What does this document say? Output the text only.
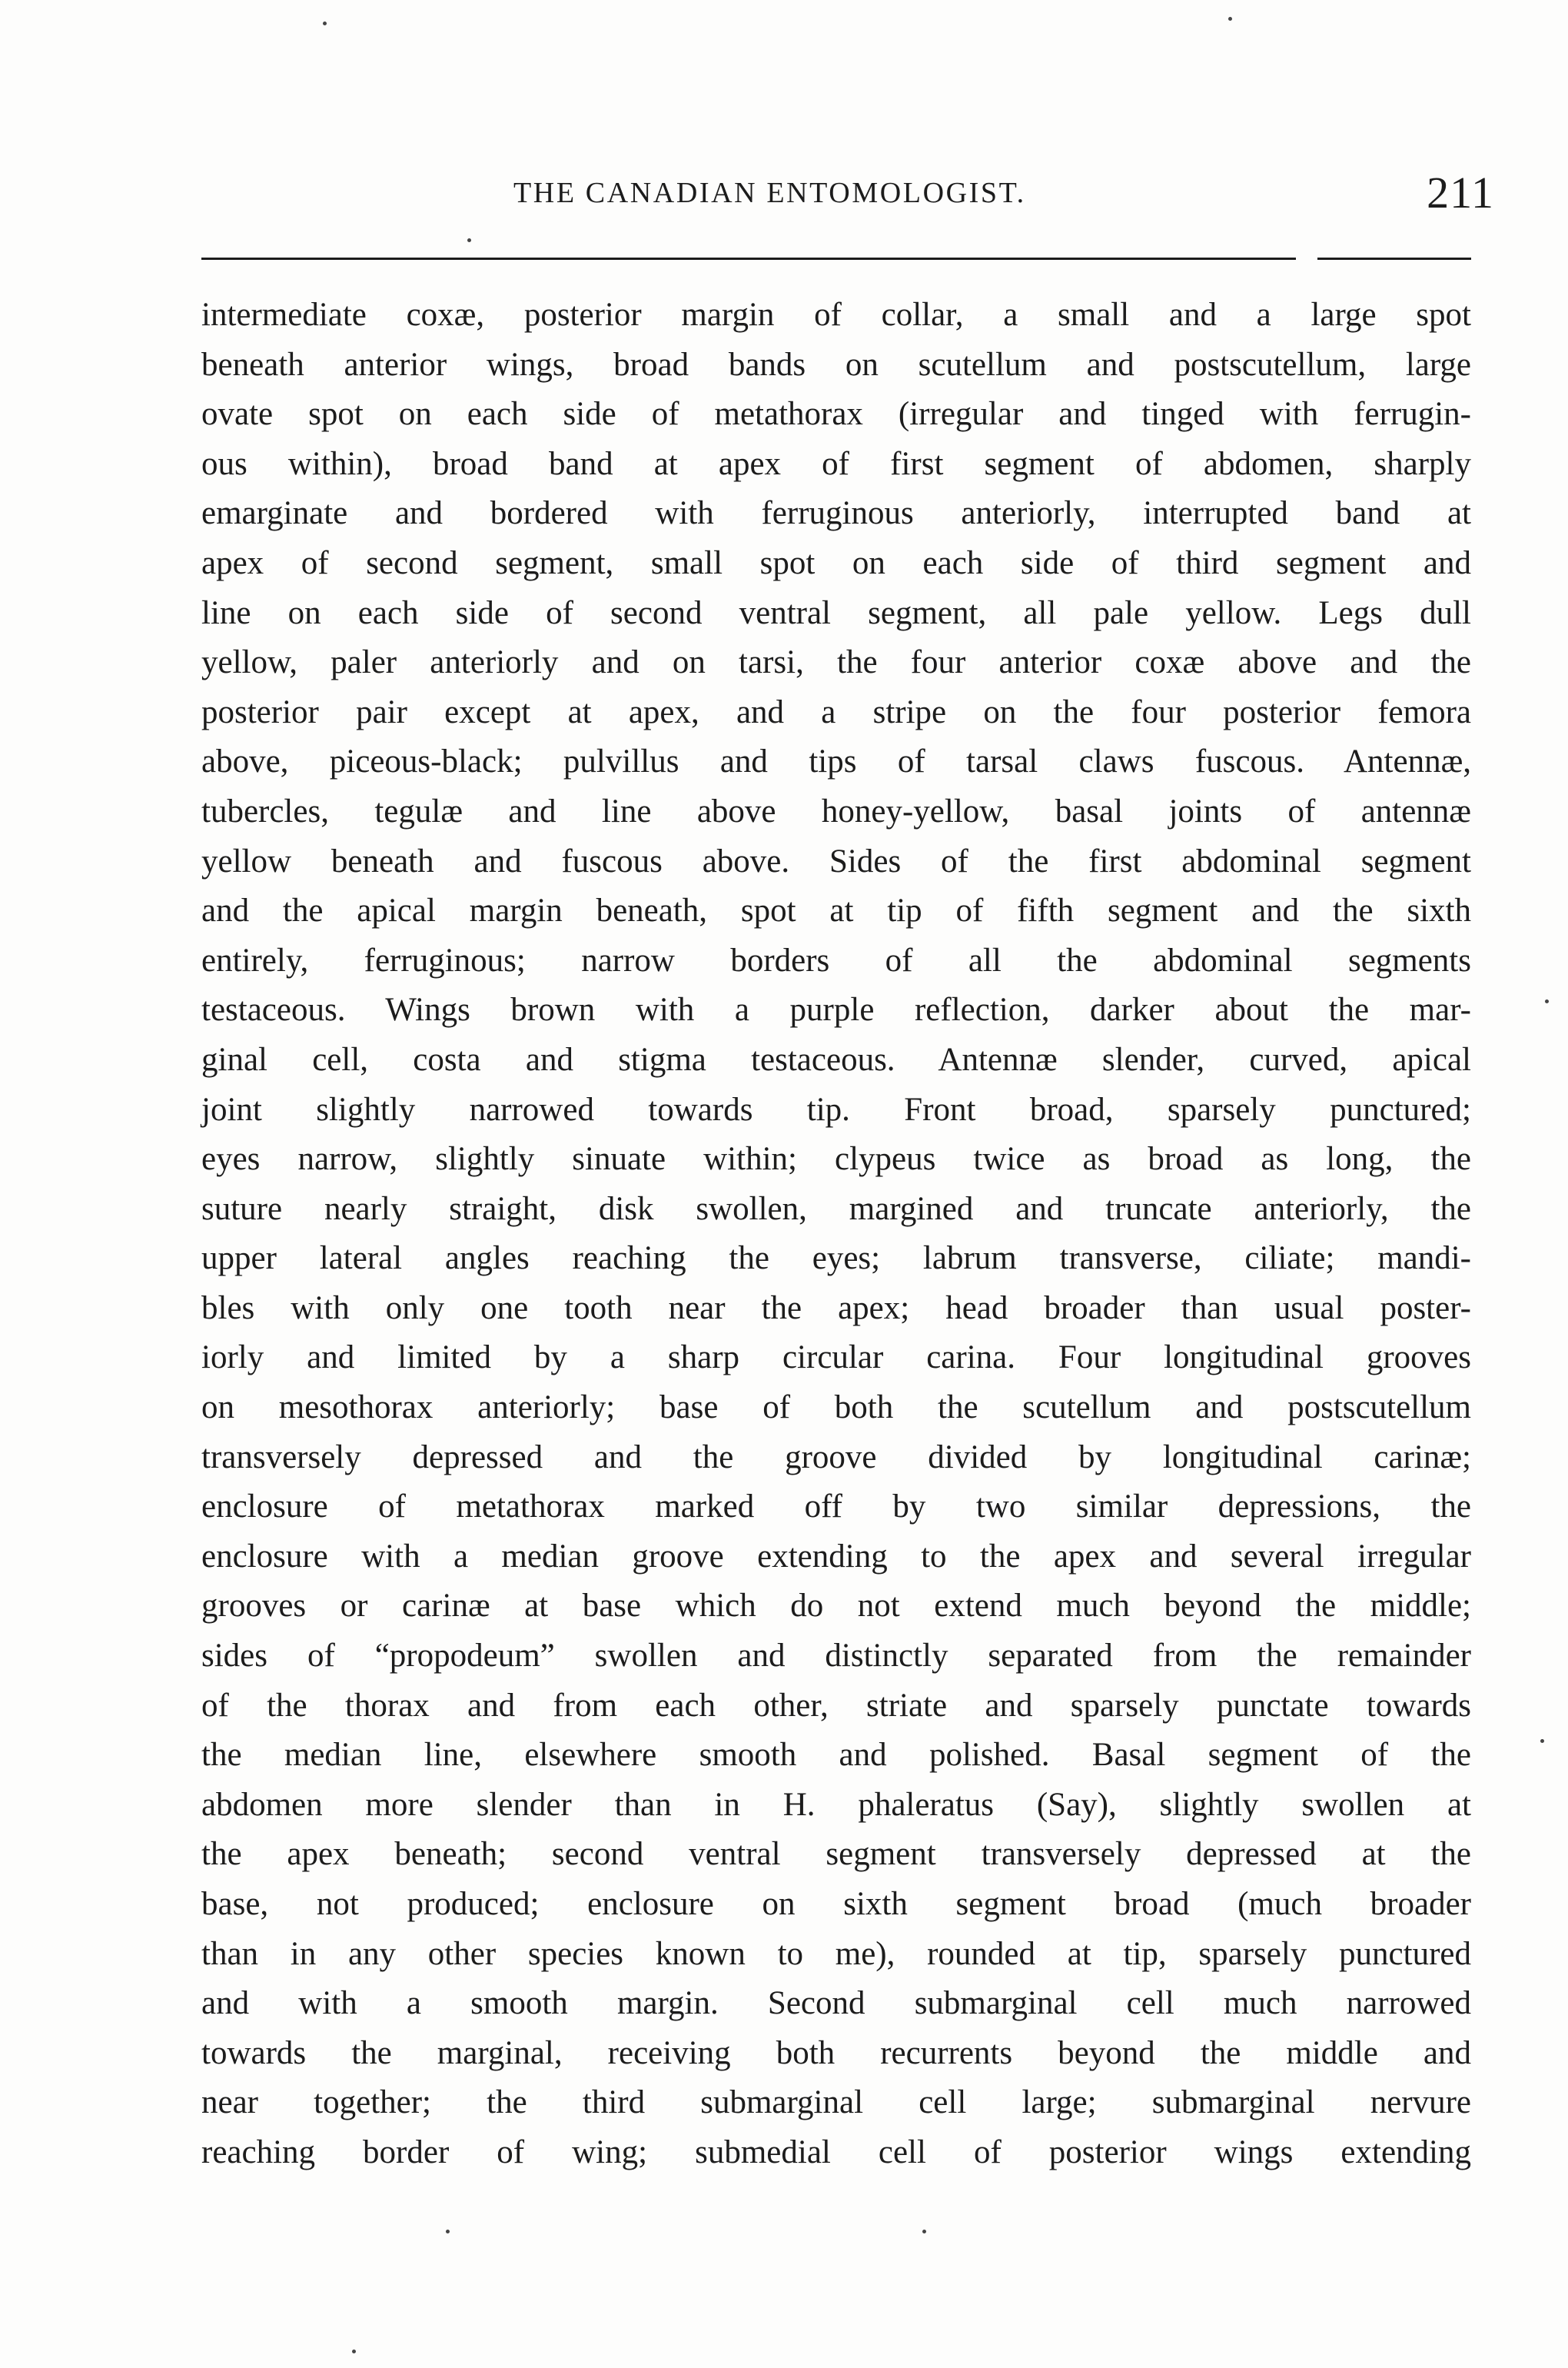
THE CANADIAN ENTOMOLOGIST.	211
intermediate coxæ, posterior margin of collar, a small and a large spot
beneath anterior wings, broad bands on scutellum and postscutellum, large
ovate spot on each side of metathorax (irregular and tinged with ferrugin-
ous within), broad band at apex of first segment of abdomen, sharply
emarginate and bordered with ferruginous anteriorly, interrupted band at
apex of second segment, small spot on each side of third segment and
line on each side of second ventral segment, all pale yellow. Legs dull
yellow, paler anteriorly and on tarsi, the four anterior coxæ above and the
posterior pair except at apex, and a stripe on the four posterior femora
above, piceous-black; pulvillus and tips of tarsal claws fuscous. Antennæ,
tubercles, tegulæ and line above honey-yellow, basal joints of antennæ
yellow beneath and fuscous above. Sides of the first abdominal segment
and the apical margin beneath, spot at tip of fifth segment and the sixth
entirely, ferruginous; narrow borders of all the abdominal segments
testaceous. Wings brown with a purple reflection, darker about the mar-
ginal cell, costa and stigma testaceous. Antennæ slender, curved, apical
joint slightly narrowed towards tip. Front broad, sparsely punctured;
eyes narrow, slightly sinuate within; clypeus twice as broad as long, the
suture nearly straight, disk swollen, margined and truncate anteriorly, the
upper lateral angles reaching the eyes; labrum transverse, ciliate; mandi-
bles with only one tooth near the apex; head broader than usual poster-
iorly and limited by a sharp circular carina. Four longitudinal grooves
on mesothorax anteriorly; base of both the scutellum and postscutellum
transversely depressed and the groove divided by longitudinal carinæ;
enclosure of metathorax marked off by two similar depressions, the
enclosure with a median groove extending to the apex and several irregular
grooves or carinæ at base which do not extend much beyond the middle;
sides of “propodeum” swollen and distinctly separated from the remainder
of the thorax and from each other, striate and sparsely punctate towards
the median line, elsewhere smooth and polished. Basal segment of the
abdomen more slender than in H. phaleratus (Say), slightly swollen at
the apex beneath; second ventral segment transversely depressed at the
base, not produced; enclosure on sixth segment broad (much broader
than in any other species known to me), rounded at tip, sparsely punctured
and with a smooth margin. Second submarginal cell much narrowed
towards the marginal, receiving both recurrents beyond the middle and
near together; the third submarginal cell large; submarginal nervure
reaching border of wing; submedial cell of posterior wings extending
